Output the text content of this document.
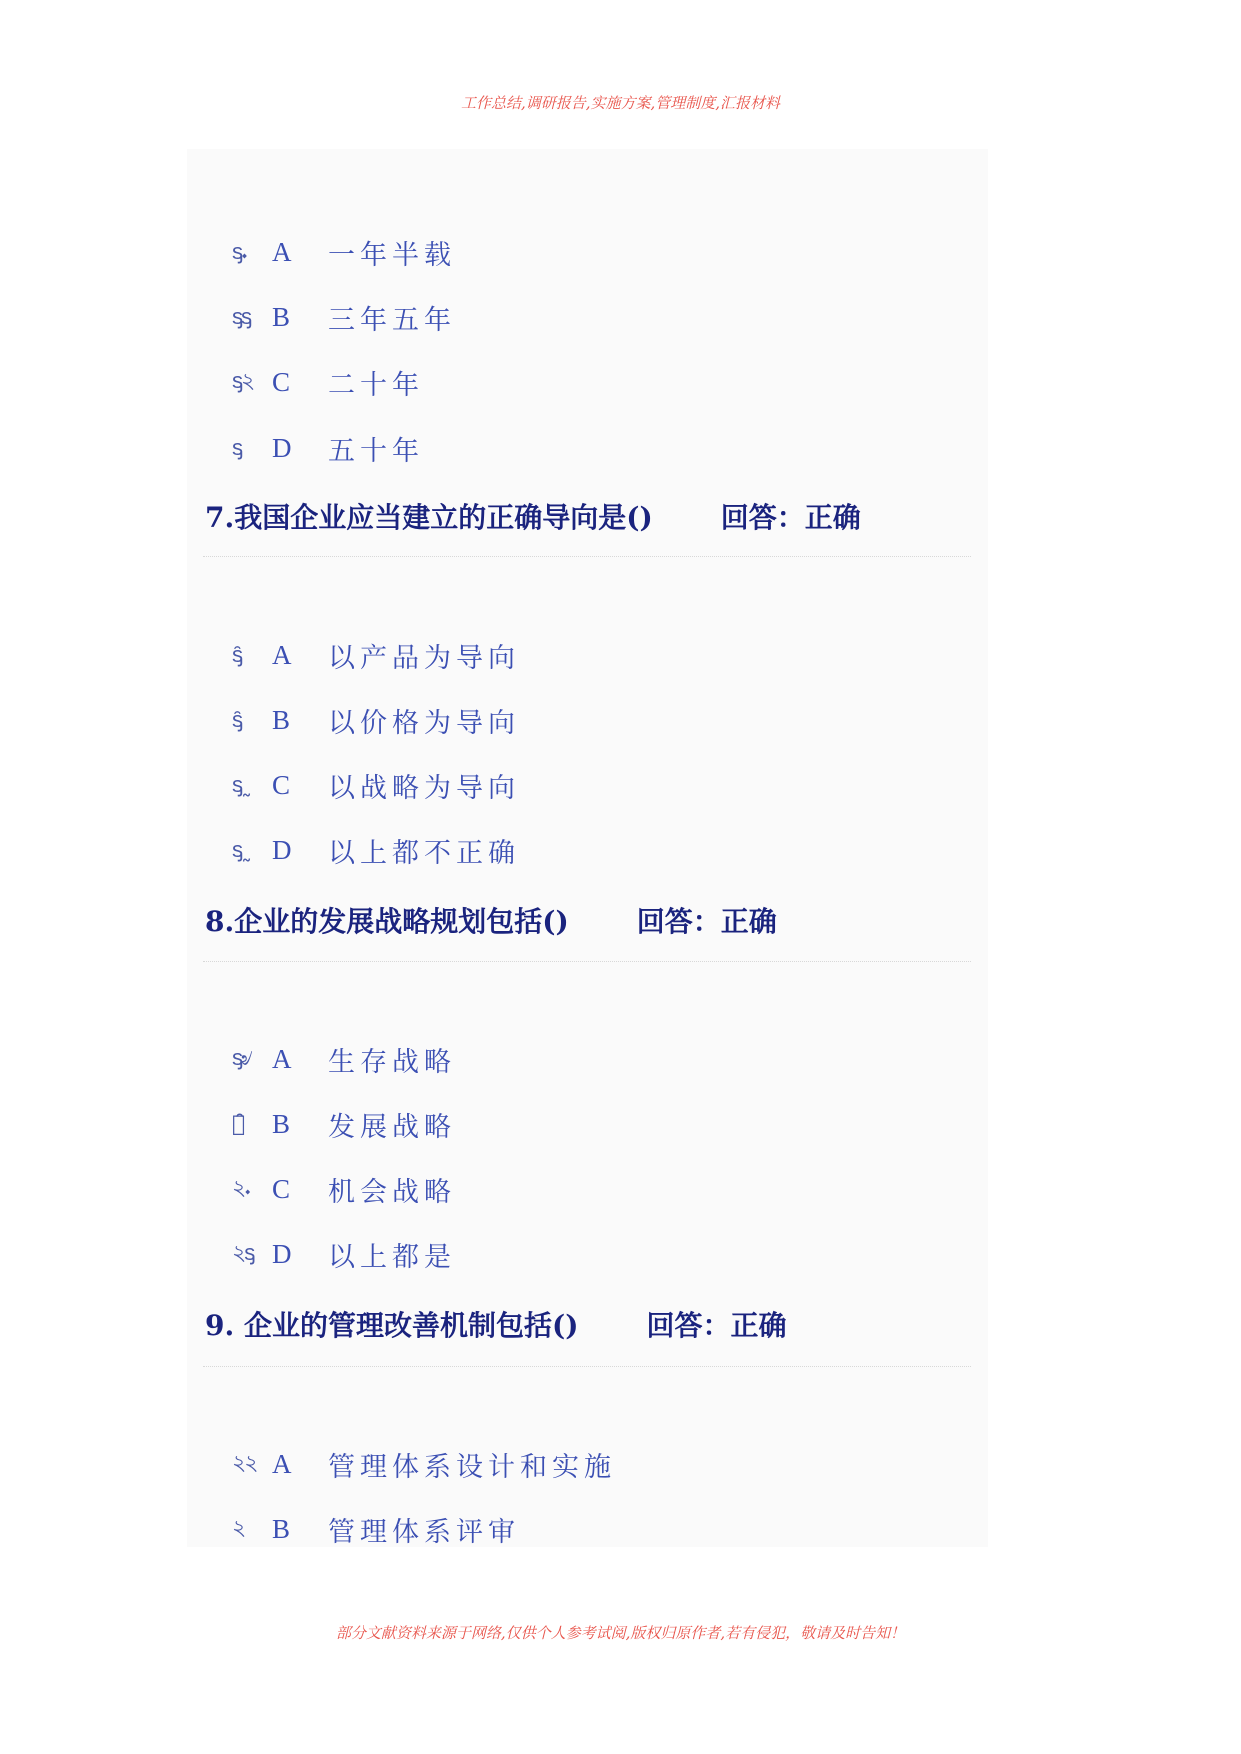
工作总结,调研报告,实施方案,管理制度,汇报材料
ᶊ𝆺 A	一年半载
ᶊᶊ B	三年五年
ᶊ২ C	二十年
ᶊ	D	五十年
7.我国企业应当建立的正确导向是() 回答：正确
ᶊ̑	A	以产品为导向
ᶊ̑	B	以价格为导向
ᶊ˷ C	以战略为导向
ᶊ˷ D	以上都不正确
8.企业的发展战略规划包括() 回答：正确
ᶊ৶ A	生存战略
২̑	B	发展战略
২𝆺 C	机会战略
২ᶊ D	以上都是
9. 企业的管理改善机制包括() 回答：正确
২২ A	管理体系设计和实施
২	B	管理体系评审
部分文献资料来源于网络,仅供个人参考试阅,版权归原作者,若有侵犯，敬请及时告知！
